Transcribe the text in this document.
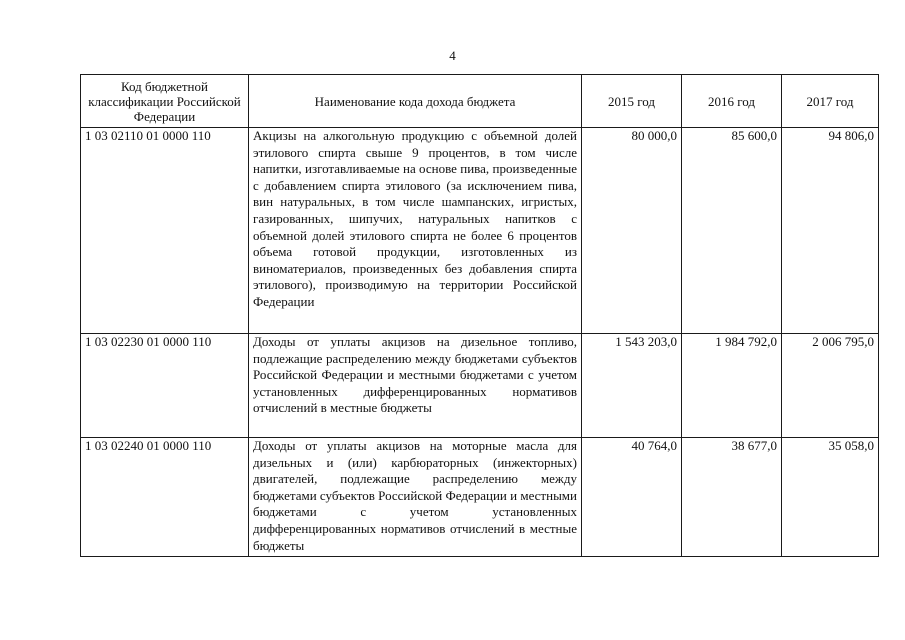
4
Код бюджетной классификации Российской Федерации	Наименование кода дохода бюджета	2015 год	2016 год	2017 год
1 03 02110 01 0000 110	Акцизы на алкогольную продукцию с объемной долей этилового спирта свыше 9 процентов, в том числе напитки, изготавливаемые на основе пива, произведенные с добавлением спирта этилового (за исключением пива, вин натуральных, в том числе шампанских, игристых, газированных, шипучих, натуральных напитков с объемной долей этилового спирта не более 6 процентов объема готовой продукции, изготовленных из виноматериалов, произведенных без добавления спирта этилового), производимую на территории Российской Федерации	80 000,0	85 600,0	94 806,0
1 03 02230 01 0000 110	Доходы от уплаты акцизов на дизельное топливо, подлежащие распределению между бюджетами субъектов Российской Федерации и местными бюджетами с учетом установленных дифференцированных нормативов отчислений в местные бюджеты	1 543 203,0	1 984 792,0	2 006 795,0
1 03 02240 01 0000 110	Доходы от уплаты акцизов на моторные масла для дизельных и (или) карбюраторных (инжекторных) двигателей, подлежащие распределению между бюджетами субъектов Российской Федерации и местными бюджетами с учетом установленных дифференцированных нормативов отчислений в местные бюджеты	40 764,0	38 677,0	35 058,0
